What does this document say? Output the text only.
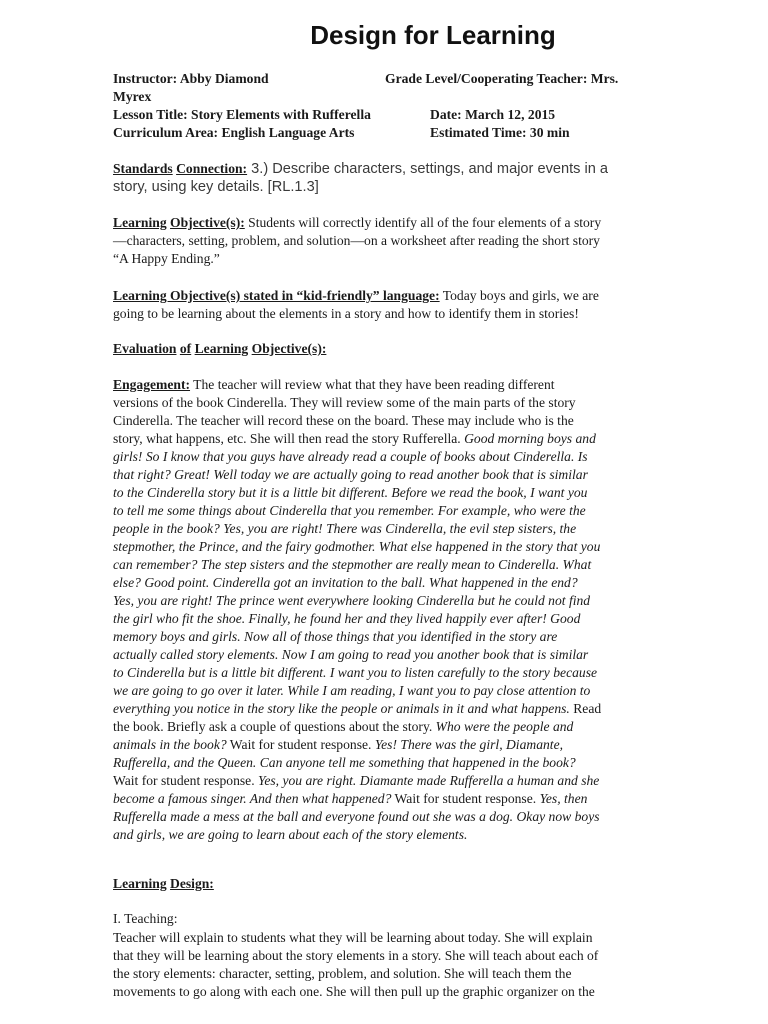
Design for Learning
Instructor: Abby Diamond	Grade Level/Cooperating Teacher: Mrs.
Myrex
Lesson Title: Story Elements with Rufferella	Date: March 12, 2015
Curriculum Area: English Language Arts	Estimated Time: 30 min

Standards Connection: 3.) Describe characters, settings, and major events in a

story, using key details. [RL.1.3]

Learning Objective(s): Students will correctly identify all of the four elements of a story

—characters, setting, problem, and solution—on a worksheet after reading the short story

“A Happy Ending.”

Learning Objective(s) stated in “kid-friendly” language: Today boys and girls, we are

going to be learning about the elements in a story and how to identify them in stories!

Evaluation of Learning Objective(s):

Engagement: The teacher will review what that they have been reading different

versions of the book Cinderella. They will review some of the main parts of the story

Cinderella. The teacher will record these on the board. These may include who is the

story, what happens, etc. She will then read the story Rufferella. Good morning boys and

girls! So I know that you guys have already read a couple of books about Cinderella. Is

that right? Great! Well today we are actually going to read another book that is similar

to the Cinderella story but it is a little bit different. Before we read the book, I want you

to tell me some things about Cinderella that you remember. For example, who were the

people in the book? Yes, you are right! There was Cinderella, the evil step sisters, the

stepmother, the Prince, and the fairy godmother. What else happened in the story that you

can remember? The step sisters and the stepmother are really mean to Cinderella. What

else? Good point. Cinderella got an invitation to the ball. What happened in the end?

Yes, you are right! The prince went everywhere looking Cinderella but he could not find

the girl who fit the shoe. Finally, he found her and they lived happily ever after! Good

memory boys and girls. Now all of those things that you identified in the story are

actually called story elements. Now I am going to read you another book that is similar

to Cinderella but is a little bit different. I want you to listen carefully to the story because

we are going to go over it later. While I am reading, I want you to pay close attention to

everything you notice in the story like the people or animals in it and what happens. Read

the book. Briefly ask a couple of questions about the story. Who were the people and

animals in the book? Wait for student response. Yes! There was the girl, Diamante,

Rufferella, and the Queen. Can anyone tell me something that happened in the book?

Wait for student response. Yes, you are right. Diamante made Rufferella a human and she

become a famous singer. And then what happened? Wait for student response. Yes, then

Rufferella made a mess at the ball and everyone found out she was a dog. Okay now boys

and girls, we are going to learn about each of the story elements.

Learning Design:
I. Teaching:

Teacher will explain to students what they will be learning about today. She will explain

that they will be learning about the story elements in a story. She will teach about each of

the story elements: character, setting, problem, and solution. She will teach them the

movements to go along with each one. She will then pull up the graphic organizer on the
